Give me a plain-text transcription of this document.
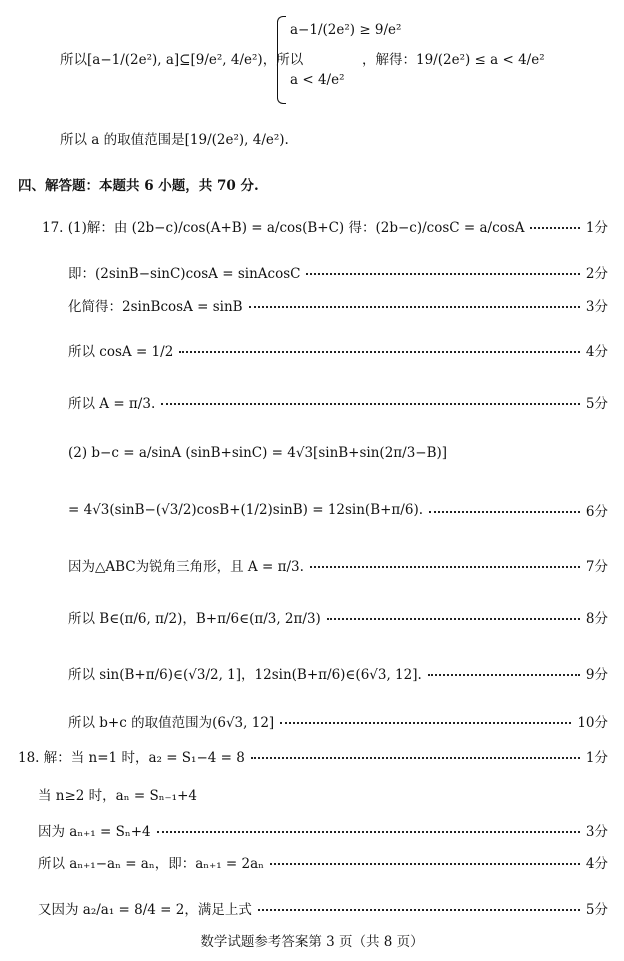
所以[a−1/(2e²), a]⊆[9/e², 4/e²)，所以
a−1/(2e²) ≥ 9/e²
a < 4/e²
，解得：19/(2e²) ≤ a < 4/e²
所以 a 的取值范围是[19/(2e²), 4/e²).
四、解答题：本题共 6 小题，共 70 分.
17. (1)解：由 (2b−c)/cos(A+B) = a/cos(B+C) 得：(2b−c)/cosC = a/cosA	1分
即：(2sinB−sinC)cosA = sinAcosC	2分
化简得：2sinBcosA = sinB	3分
所以 cosA = 1/2	4分
所以 A = π/3.	5分
(2) b−c = a/sinA (sinB+sinC) = 4√3[sinB+sin(2π/3−B)]
= 4√3(sinB−(√3/2)cosB+(1/2)sinB) = 12sin(B+π/6).	6分
因为△ABC为锐角三角形，且 A = π/3.	7分
所以 B∈(π/6, π/2)，B+π/6∈(π/3, 2π/3)	8分
所以 sin(B+π/6)∈(√3/2, 1]，12sin(B+π/6)∈(6√3, 12].	9分
所以 b+c 的取值范围为(6√3, 12]	10分
18. 解：当 n=1 时，a₂ = S₁−4 = 8	1分
当 n≥2 时，aₙ = Sₙ₋₁+4
因为 aₙ₊₁ = Sₙ+4	3分
所以 aₙ₊₁−aₙ = aₙ，即：aₙ₊₁ = 2aₙ	4分
又因为 a₂/a₁ = 8/4 = 2，满足上式	5分
数学试题参考答案第 3 页（共 8 页）
